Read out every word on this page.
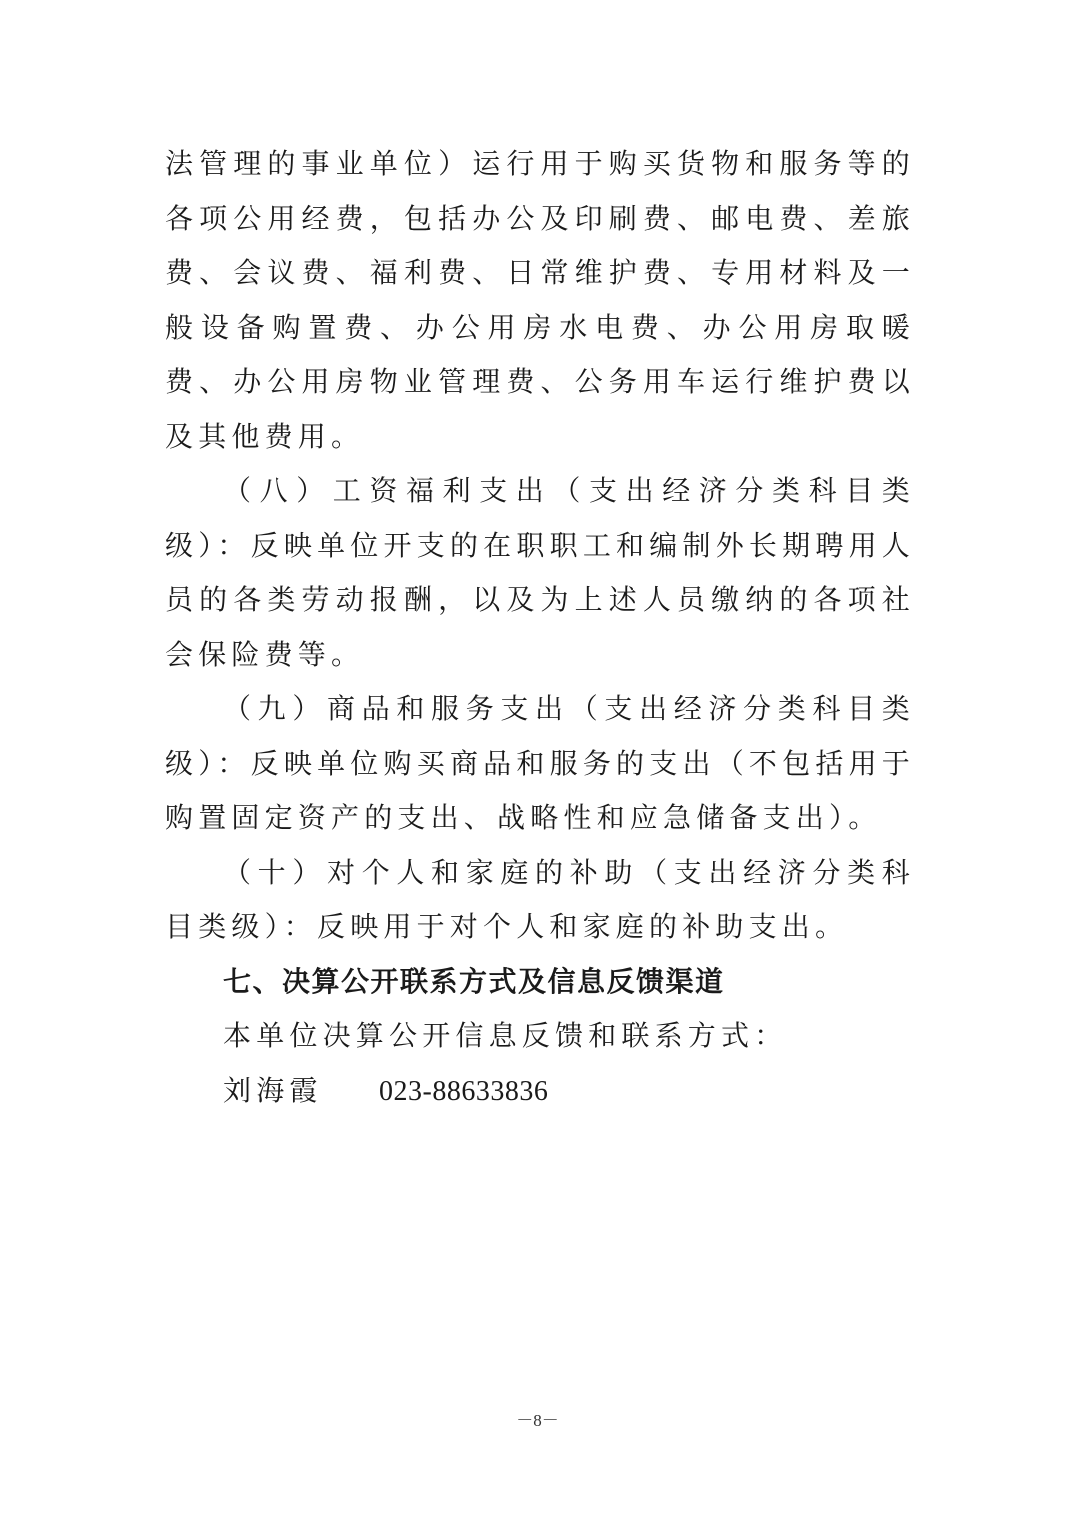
法管理的事业单位）运行用于购买货物和服务等的各项公用经费，包括办公及印刷费、邮电费、差旅费、会议费、福利费、日常维护费、专用材料及一般设备购置费、办公用房水电费、办公用房取暖费、办公用房物业管理费、公务用车运行维护费以及其他费用。

（八）工资福利支出（支出经济分类科目类级）：反映单位开支的在职职工和编制外长期聘用人员的各类劳动报酬，以及为上述人员缴纳的各项社会保险费等。

（九）商品和服务支出（支出经济分类科目类级）：反映单位购买商品和服务的支出（不包括用于购置固定资产的支出、战略性和应急储备支出）。

（十）对个人和家庭的补助（支出经济分类科目类级）：反映用于对个人和家庭的补助支出。

七、决算公开联系方式及信息反馈渠道

本单位决算公开信息反馈和联系方式：

刘海霞 023-88633836

－8－
